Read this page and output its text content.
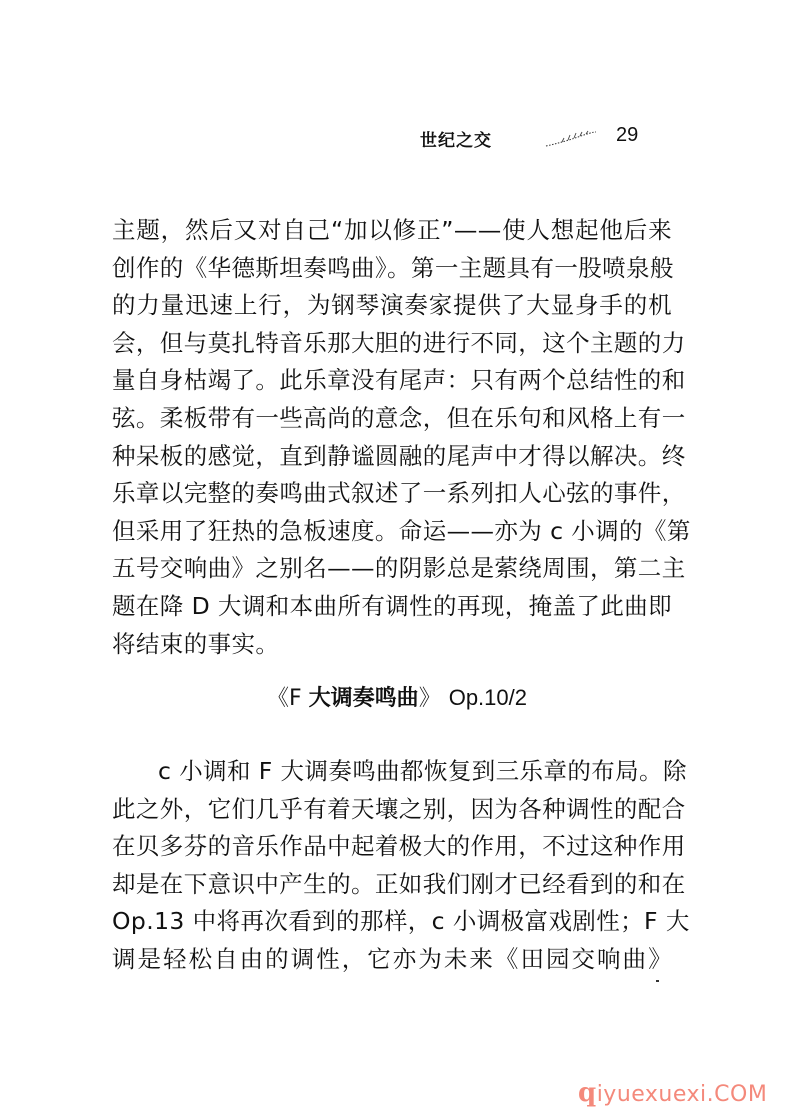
世纪之交	29
主题，然后又对自己“加以修正”——使人想起他后来
创作的《华德斯坦奏鸣曲》。第一主题具有一股喷泉般
的力量迅速上行，为钢琴演奏家提供了大显身手的机
会，但与莫扎特音乐那大胆的进行不同，这个主题的力
量自身枯竭了。此乐章没有尾声：只有两个总结性的和
弦。柔板带有一些高尚的意念，但在乐句和风格上有一
种呆板的感觉，直到静谧圆融的尾声中才得以解决。终
乐章以完整的奏鸣曲式叙述了一系列扣人心弦的事件，
但采用了狂热的急板速度。命运——亦为 c 小调的《第
五号交响曲》之别名——的阴影总是萦绕周围，第二主
题在降 D 大调和本曲所有调性的再现，掩盖了此曲即
将结束的事实。
《F 大调奏鸣曲》 Op.10/2
c 小调和 F 大调奏鸣曲都恢复到三乐章的布局。除
此之外，它们几乎有着天壤之别，因为各种调性的配合
在贝多芬的音乐作品中起着极大的作用，不过这种作用
却是在下意识中产生的。正如我们刚才已经看到的和在
Op.13 中将再次看到的那样，c 小调极富戏剧性；F 大
调是轻松自由的调性，它亦为未来《田园交响曲》
qiyuexuexi.COM
